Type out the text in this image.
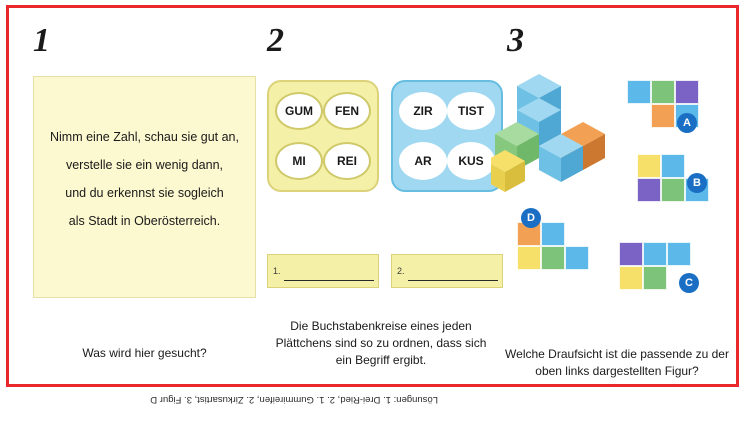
1
Nimm eine Zahl, schau sie gut an,
verstelle sie ein wenig dann,
und du erkennst sie sogleich
als Stadt in Oberösterreich.
Was wird hier gesucht?
2
GUM	FEN
MI	REI
ZIR	TIST
AR	KUS
1.	2.
Die Buchstabenkreise eines jeden
Plättchens sind so zu ordnen, dass sich
ein Begriff ergibt.
3
A
B
D
C
Welche Draufsicht ist die passende zu der
oben links dargestellten Figur?
Lösungen: 1. Drei-Ried, 2. 1. Gummireifen, 2. Zirkusartist, 3. Figur D
